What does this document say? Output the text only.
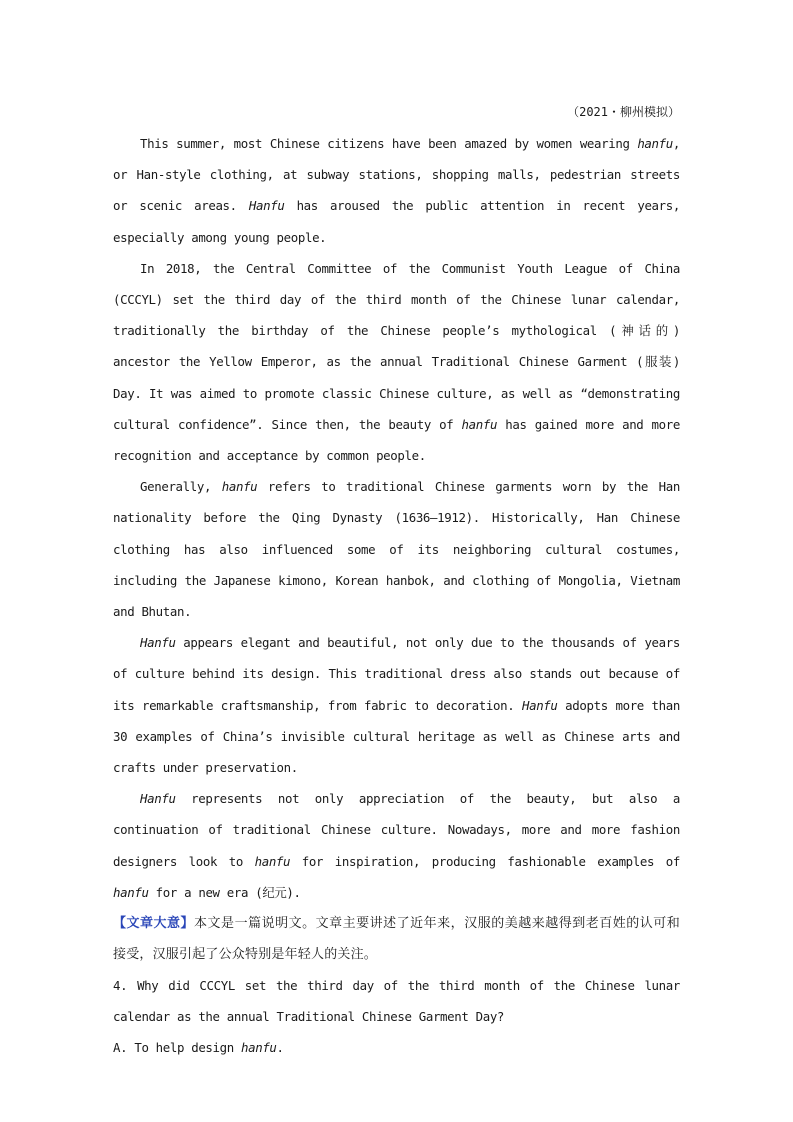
（2021・柳州模拟）

This summer, most Chinese citizens have been amazed by women wearing hanfu, or Han-style clothing, at subway stations, shopping malls, pedestrian streets or scenic areas. Hanfu has aroused the public attention in recent years, especially among young people.

In 2018, the Central Committee of the Communist Youth League of China (CCCYL) set the third day of the third month of the Chinese lunar calendar, traditionally the birthday of the Chinese people’s mythological (神话的) ancestor the Yellow Emperor, as the annual Traditional Chinese Garment (服装) Day. It was aimed to promote classic Chinese culture, as well as “demonstrating cultural confidence”. Since then, the beauty of hanfu has gained more and more recognition and acceptance by common people.

Generally, hanfu refers to traditional Chinese garments worn by the Han nationality before the Qing Dynasty (1636—1912). Historically, Han Chinese clothing has also influenced some of its neighboring cultural costumes, including the Japanese kimono, Korean hanbok, and clothing of Mongolia, Vietnam and Bhutan.

Hanfu appears elegant and beautiful, not only due to the thousands of years of culture behind its design. This traditional dress also stands out because of its remarkable craftsmanship, from fabric to decoration. Hanfu adopts more than 30 examples of China’s invisible cultural heritage as well as Chinese arts and crafts under preservation.

Hanfu represents not only appreciation of the beauty, but also a continuation of traditional Chinese culture. Nowadays, more and more fashion designers look to hanfu for inspiration, producing fashionable examples of hanfu for a new era (纪元).

【文章大意】本文是一篇说明文。文章主要讲述了近年来，汉服的美越来越得到老百姓的认可和接受，汉服引起了公众特别是年轻人的关注。

4. Why did CCCYL set the third day of the third month of the Chinese lunar calendar as the annual Traditional Chinese Garment Day?

A. To help design hanfu.
